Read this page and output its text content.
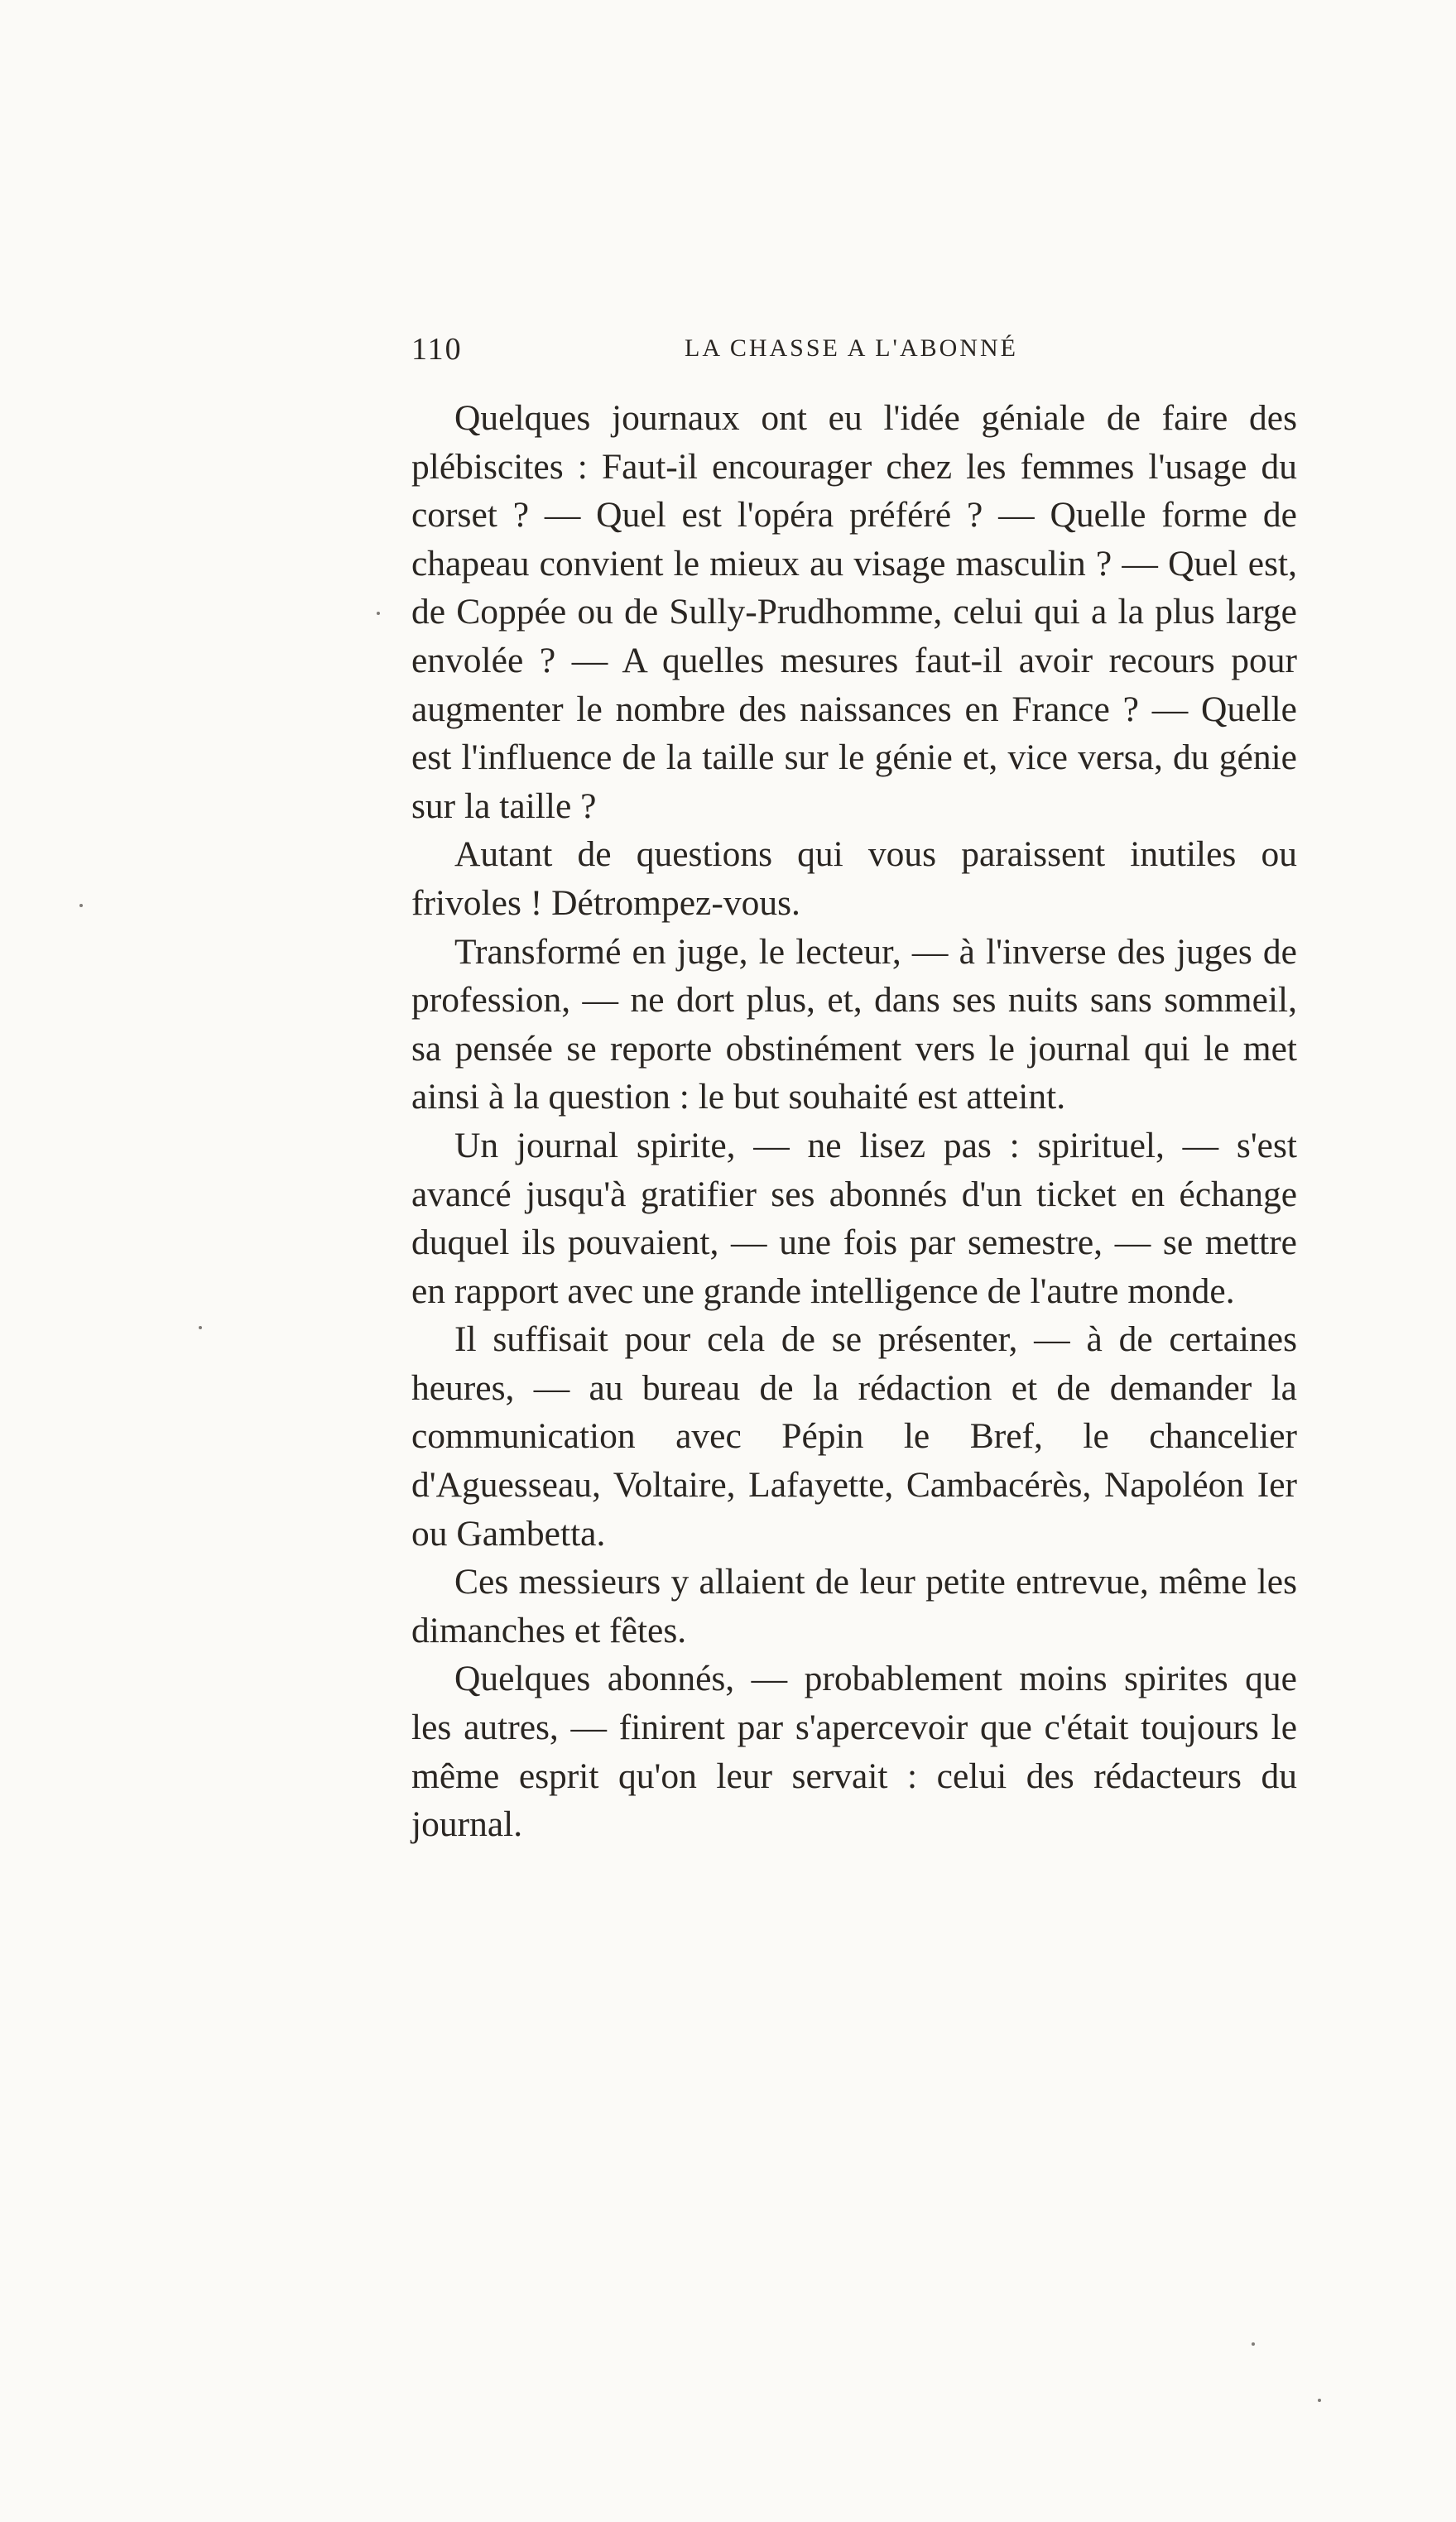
110	LA CHASSE A L'ABONNÉ

Quelques journaux ont eu l'idée géniale de faire des plébiscites : Faut-il encourager chez les femmes l'usage du corset ? — Quel est l'opéra préféré ? — Quelle forme de chapeau convient le mieux au visage masculin ? — Quel est, de Coppée ou de Sully-Prudhomme, celui qui a la plus large envolée ? — A quelles mesures faut-il avoir recours pour augmenter le nombre des naissances en France ? — Quelle est l'influence de la taille sur le génie et, vice versa, du génie sur la taille ?

Autant de questions qui vous paraissent inutiles ou frivoles ! Détrompez-vous.

Transformé en juge, le lecteur, — à l'inverse des juges de profession, — ne dort plus, et, dans ses nuits sans sommeil, sa pensée se reporte obstinément vers le journal qui le met ainsi à la question : le but souhaité est atteint.

Un journal spirite, — ne lisez pas : spirituel, — s'est avancé jusqu'à gratifier ses abonnés d'un ticket en échange duquel ils pouvaient, — une fois par semestre, — se mettre en rapport avec une grande intelligence de l'autre monde.

Il suffisait pour cela de se présenter, — à de certaines heures, — au bureau de la rédaction et de demander la communication avec Pépin le Bref, le chancelier d'Aguesseau, Voltaire, Lafayette, Cambacérès, Napoléon Ier ou Gambetta.

Ces messieurs y allaient de leur petite entrevue, même les dimanches et fêtes.

Quelques abonnés, — probablement moins spirites que les autres, — finirent par s'apercevoir que c'était toujours le même esprit qu'on leur servait : celui des rédacteurs du journal.
